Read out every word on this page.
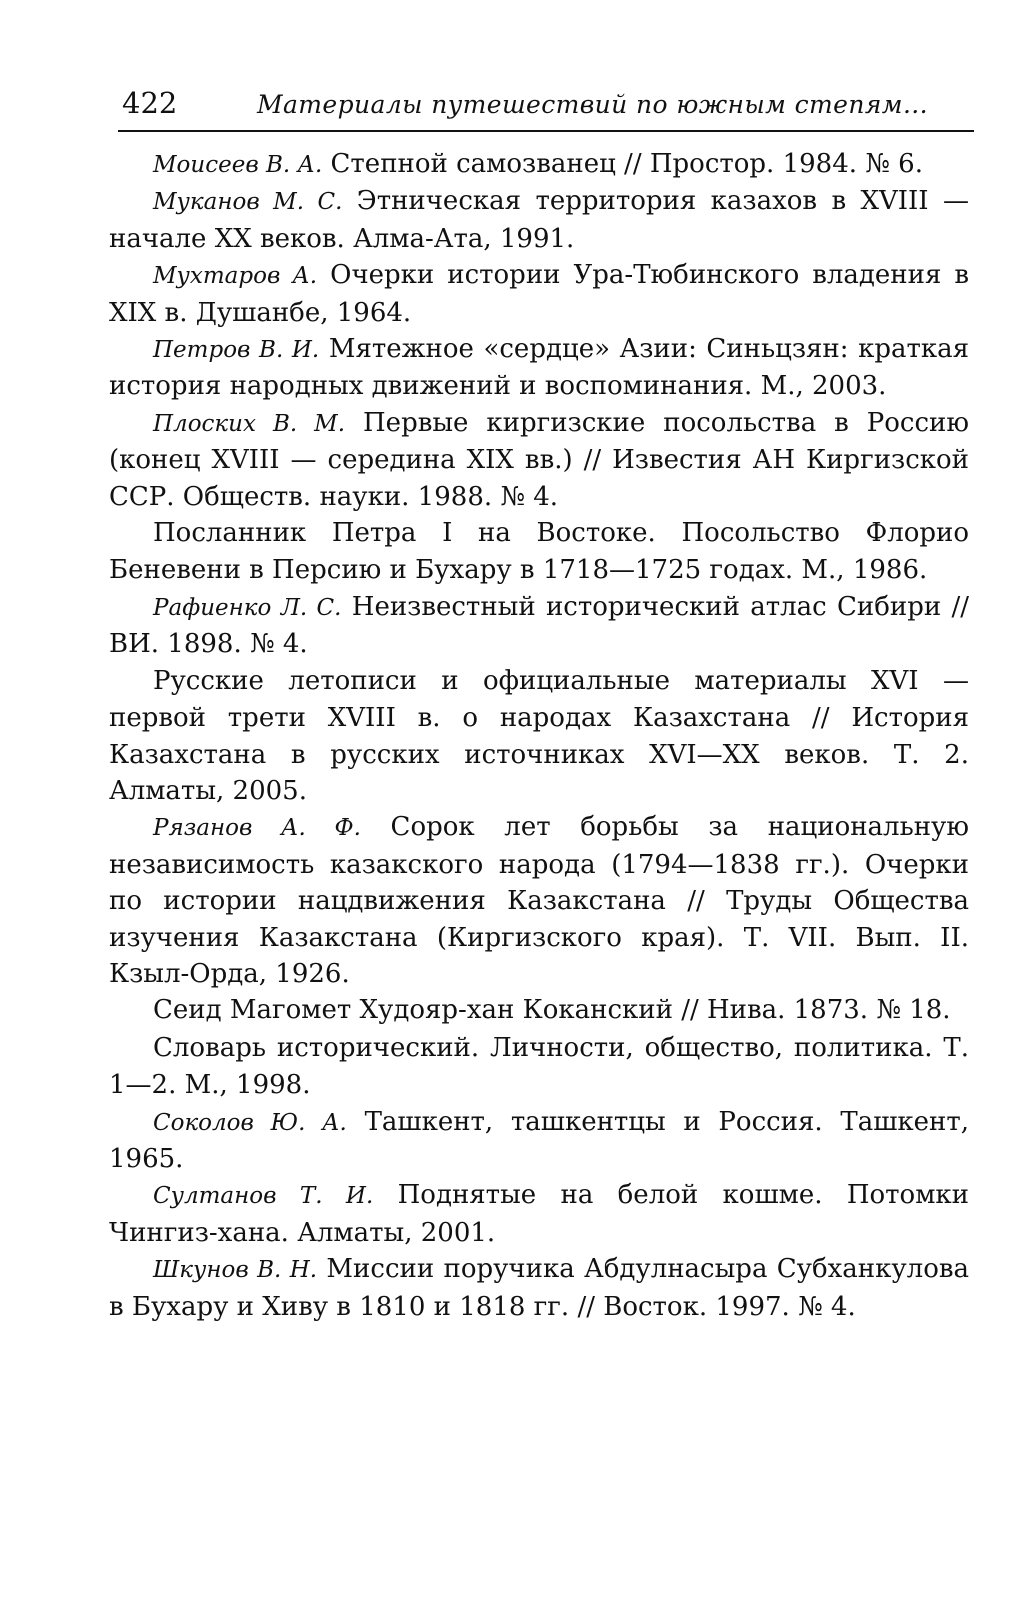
422	Материалы путешествий по южным степям...
Моисеев В. А. Степной самозванец // Простор. 1984. № 6.
Муканов М. С. Этническая территория казахов в XVIII — начале XX веков. Алма-Ата, 1991.
Мухтаров А. Очерки истории Ура-Тюбинского владения в XIX в. Душанбе, 1964.
Петров В. И. Мятежное «сердце» Азии: Синьцзян: краткая история народных движений и воспоминания. М., 2003.
Плоских В. М. Первые киргизские посольства в Россию (конец XVIII — середина XIX вв.) // Известия АН Киргизской ССР. Обществ. науки. 1988. № 4.
Посланник Петра I на Востоке. Посольство Флорио Беневени в Персию и Бухару в 1718—1725 годах. М., 1986.
Рафиенко Л. С. Неизвестный исторический атлас Сибири // ВИ. 1898. № 4.
Русские летописи и официальные материалы XVI — первой трети XVIII в. о народах Казахстана // История Казахстана в русских источниках XVI—XX веков. Т. 2. Алматы, 2005.
Рязанов А. Ф. Сорок лет борьбы за национальную независимость казакского народа (1794—1838 гг.). Очерки по истории нацдвижения Казакстана // Труды Общества изучения Казакстана (Киргизского края). Т. VII. Вып. II. Кзыл-Орда, 1926.
Сеид Магомет Худояр-хан Коканский // Нива. 1873. № 18.
Словарь исторический. Личности, общество, политика. Т. 1—2. М., 1998.
Соколов Ю. А. Ташкент, ташкентцы и Россия. Ташкент, 1965.
Султанов Т. И. Поднятые на белой кошме. Потомки Чингиз-хана. Алматы, 2001.
Шкунов В. Н. Миссии поручика Абдулнасыра Субханкулова в Бухару и Хиву в 1810 и 1818 гг. // Восток. 1997. № 4.
